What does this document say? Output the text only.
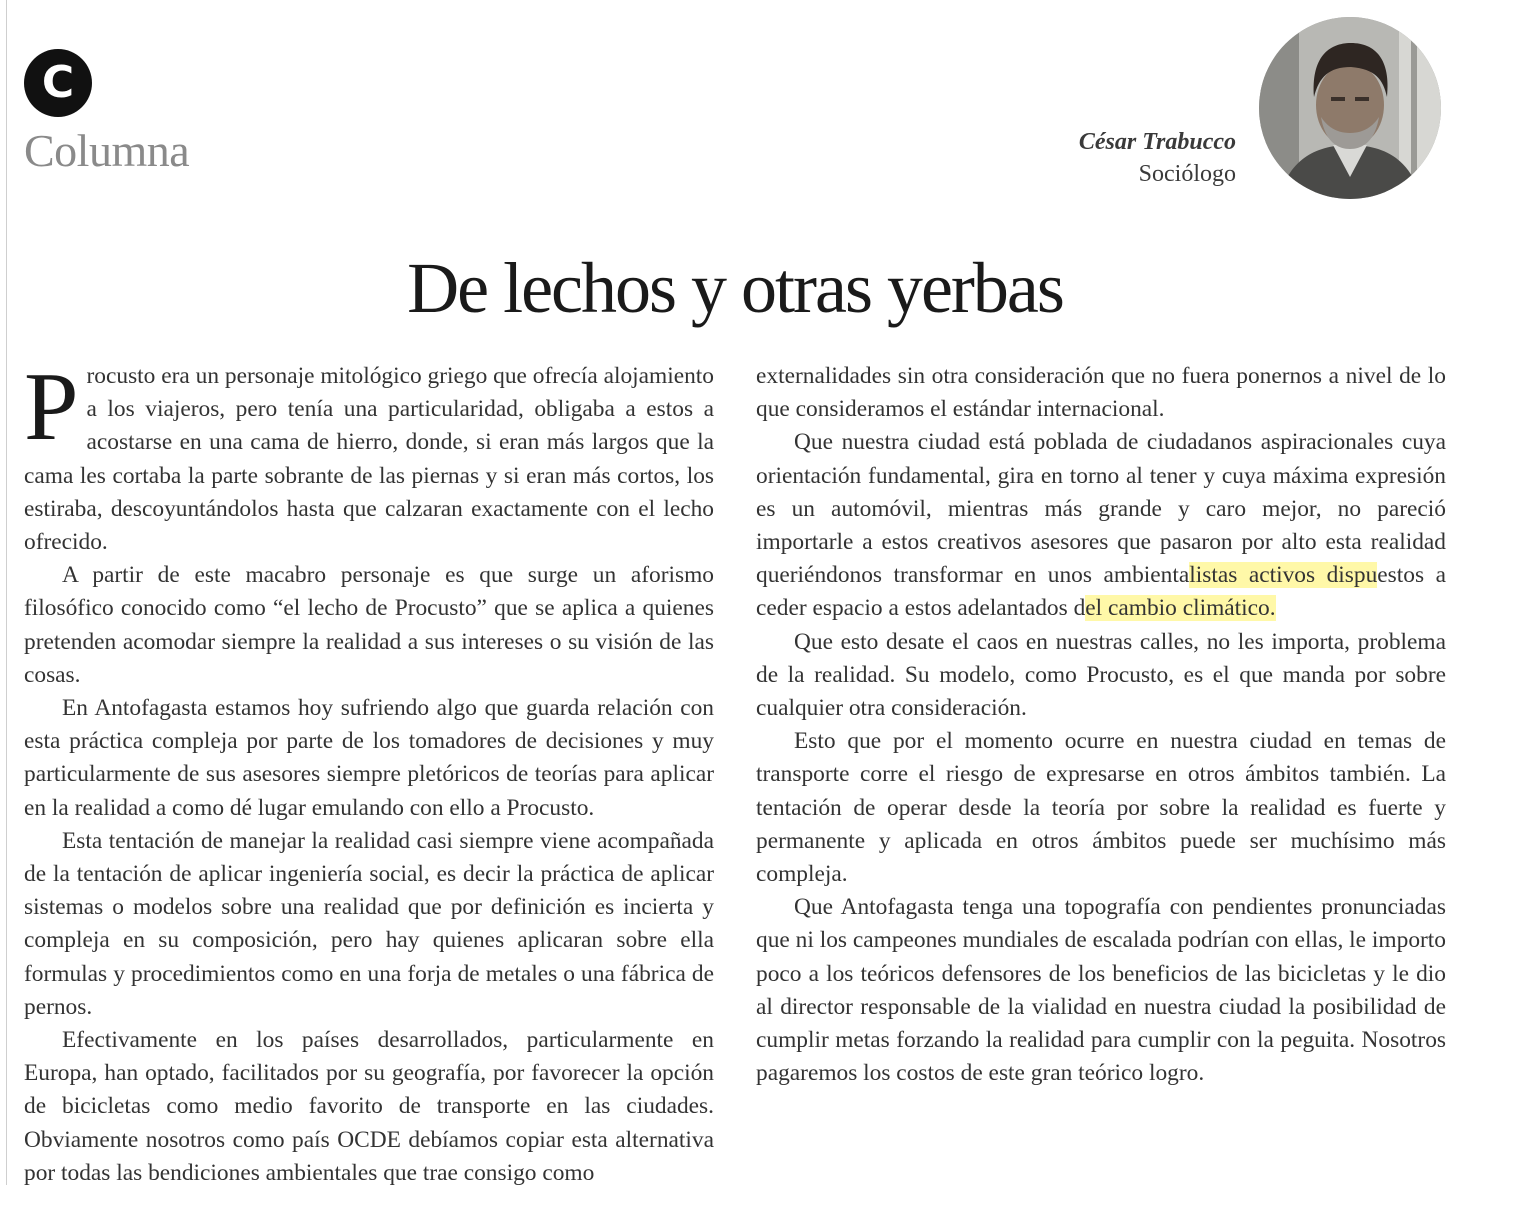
C
Columna	César Trabucco
Sociólogo
De lechos y otras yerbas

Procusto era un personaje mitológico griego que ofrecía alojamiento a los viajeros, pero tenía una particularidad, obligaba a estos a acostarse en una cama de hierro, donde, si eran más largos que la cama les cortaba la parte sobrante de las piernas y si eran más cortos, los estiraba, descoyuntándolos hasta que calzaran exactamente con el lecho ofrecido.

A partir de este macabro personaje es que surge un aforismo filosófico conocido como “el lecho de Procusto” que se aplica a quienes pretenden acomodar siempre la realidad a sus intereses o su visión de las cosas.

En Antofagasta estamos hoy sufriendo algo que guarda relación con esta práctica compleja por parte de los tomadores de decisiones y muy particularmente de sus asesores siempre pletóricos de teorías para aplicar en la realidad a como dé lugar emulando con ello a Procusto.

Esta tentación de manejar la realidad casi siempre viene acompañada de la tentación de aplicar ingeniería social, es decir la práctica de aplicar sistemas o modelos sobre una realidad que por definición es incierta y compleja en su composición, pero hay quienes aplicaran sobre ella formulas y procedimientos como en una forja de metales o una fábrica de pernos.

Efectivamente en los países desarrollados, particularmente en Europa, han optado, facilitados por su geografía, por favorecer la opción de bicicletas como medio favorito de transporte en las ciudades. Obviamente nosotros como país OCDE debíamos copiar esta alternativa por todas las bendiciones ambientales que trae consigo como

externalidades sin otra consideración que no fuera ponernos a nivel de lo que consideramos el estándar internacional.

Que nuestra ciudad está poblada de ciudadanos aspiracionales cuya orientación fundamental, gira en torno al tener y cuya máxima expresión es un automóvil, mientras más grande y caro mejor, no pareció importarle a estos creativos asesores que pasaron por alto esta realidad queriéndonos transformar en unos ambientalistas activos dispuestos a ceder espacio a estos adelantados del cambio climático.

Que esto desate el caos en nuestras calles, no les importa, problema de la realidad. Su modelo, como Procusto, es el que manda por sobre cualquier otra consideración.

Esto que por el momento ocurre en nuestra ciudad en temas de transporte corre el riesgo de expresarse en otros ámbitos también. La tentación de operar desde la teoría por sobre la realidad es fuerte y permanente y aplicada en otros ámbitos puede ser muchísimo más compleja.

Que Antofagasta tenga una topografía con pendientes pronunciadas que ni los campeones mundiales de escalada podrían con ellas, le importo poco a los teóricos defensores de los beneficios de las bicicletas y le dio al director responsable de la vialidad en nuestra ciudad la posibilidad de cumplir metas forzando la realidad para cumplir con la peguita. Nosotros pagaremos los costos de este gran teórico logro.
